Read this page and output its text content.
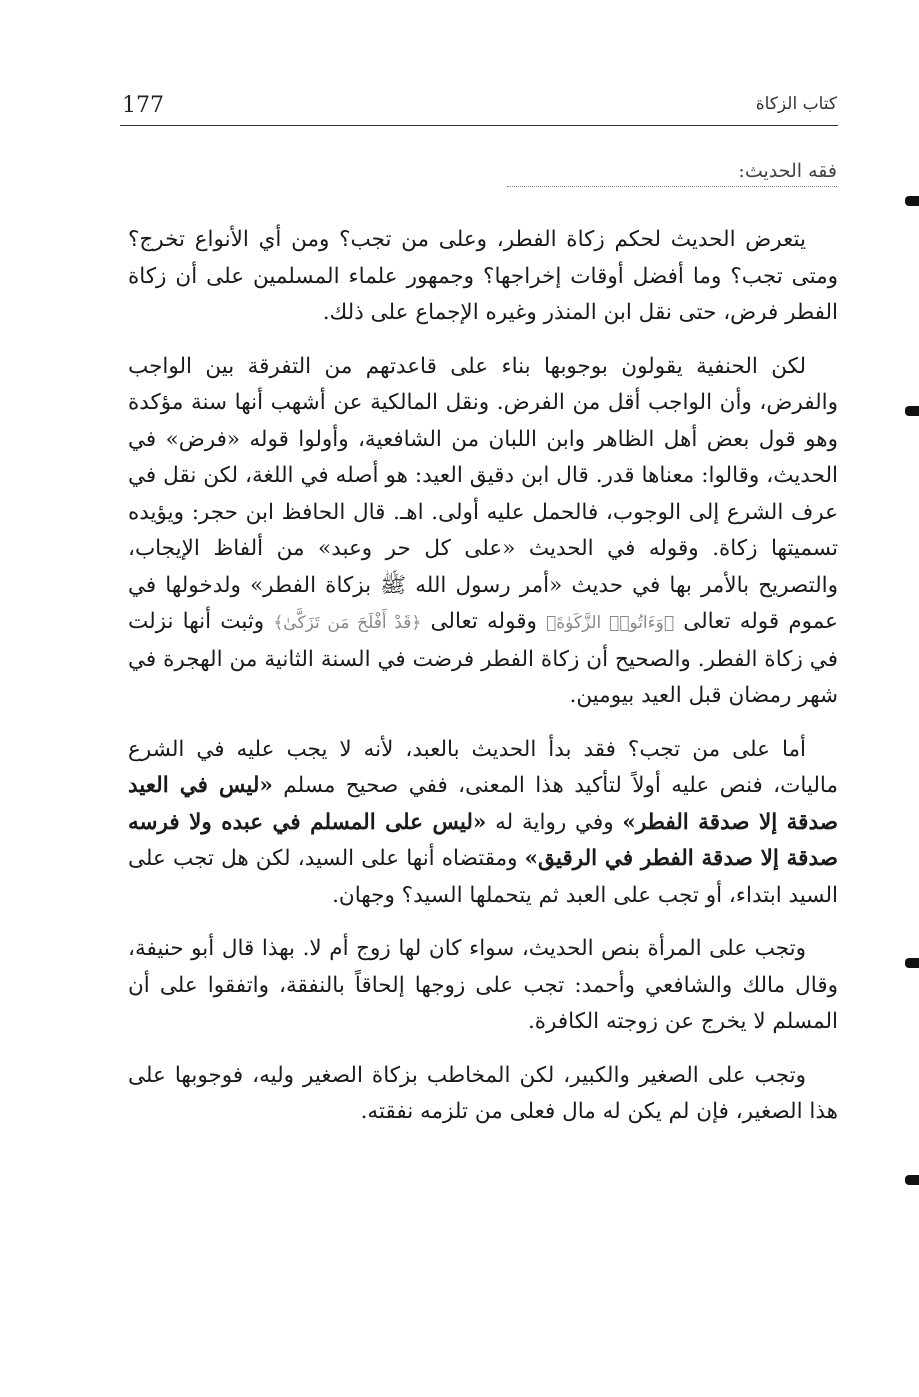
177	كتاب الزكاة
فقه الحديث:

يتعرض الحديث لحكم زكاة الفطر، وعلى من تجب؟ ومن أي الأنواع تخرج؟ ومتى تجب؟ وما أفضل أوقات إخراجها؟ وجمهور علماء المسلمين على أن زكاة الفطر فرض، حتى نقل ابن المنذر وغيره الإجماع على ذلك.

لكن الحنفية يقولون بوجوبها بناء على قاعدتهم من التفرقة بين الواجب والفرض، وأن الواجب أقل من الفرض. ونقل المالكية عن أشهب أنها سنة مؤكدة وهو قول بعض أهل الظاهر وابن اللبان من الشافعية، وأولوا قوله «فرض» في الحديث، وقالوا: معناها قدر. قال ابن دقيق العيد: هو أصله في اللغة، لكن نقل في عرف الشرع إلى الوجوب، فالحمل عليه أولى. اهـ. قال الحافظ ابن حجر: ويؤيده تسميتها زكاة. وقوله في الحديث «على كل حر وعبد» من ألفاظ الإيجاب، والتصريح بالأمر بها في حديث «أمر رسول الله ﷺ بزكاة الفطر» ولدخولها في عموم قوله تعالى ﴿وَءَاتُوا۟ الزَّكَوٰةَ﴾ وقوله تعالى ﴿قَدْ أَفْلَحَ مَن تَزَكَّىٰ﴾ وثبت أنها نزلت في زكاة الفطر. والصحيح أن زكاة الفطر فرضت في السنة الثانية من الهجرة في شهر رمضان قبل العيد بيومين.

أما على من تجب؟ فقد بدأ الحديث بالعبد، لأنه لا يجب عليه في الشرع ماليات، فنص عليه أولاً لتأكيد هذا المعنى، ففي صحيح مسلم «ليس في العيد صدقة إلا صدقة الفطر» وفي رواية له «ليس على المسلم في عبده ولا فرسه صدقة إلا صدقة الفطر في الرقيق» ومقتضاه أنها على السيد، لكن هل تجب على السيد ابتداء، أو تجب على العبد ثم يتحملها السيد؟ وجهان.

وتجب على المرأة بنص الحديث، سواء كان لها زوج أم لا. بهذا قال أبو حنيفة، وقال مالك والشافعي وأحمد: تجب على زوجها إلحاقاً بالنفقة، واتفقوا على أن المسلم لا يخرج عن زوجته الكافرة.

وتجب على الصغير والكبير، لكن المخاطب بزكاة الصغير وليه، فوجوبها على هذا الصغير، فإن لم يكن له مال فعلى من تلزمه نفقته.
